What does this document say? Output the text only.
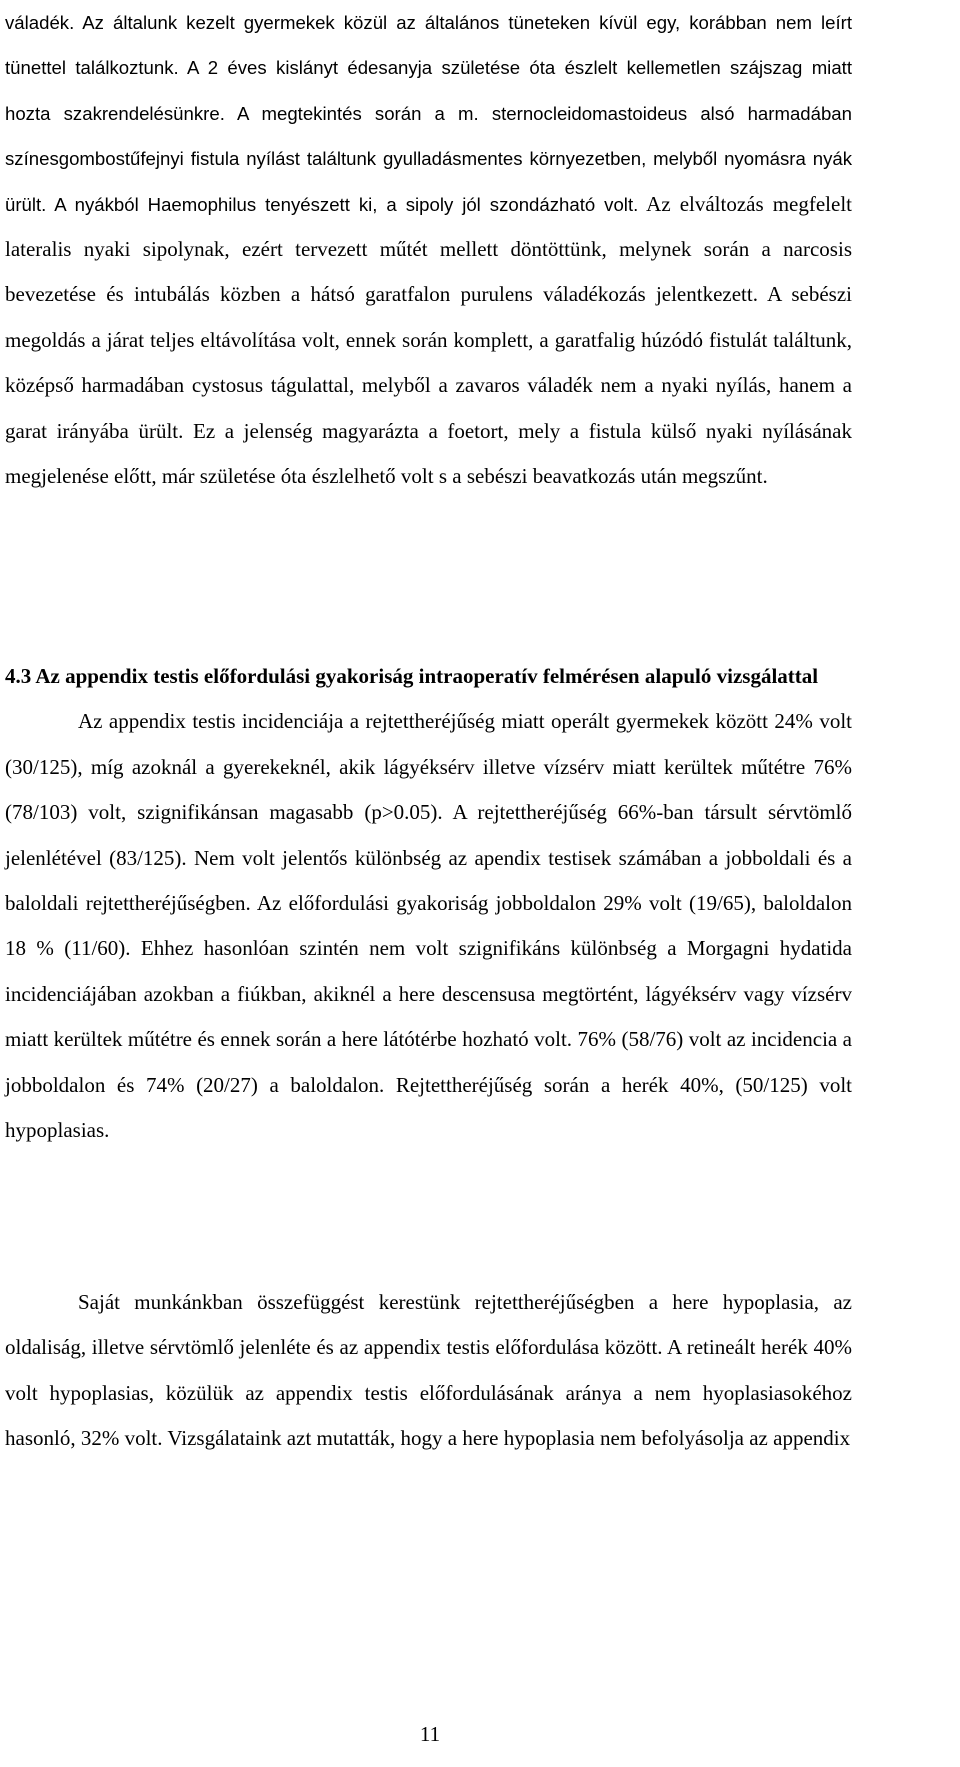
váladék. Az általunk kezelt gyermekek közül az általános tüneteken kívül egy, korábban nem leírt tünettel találkoztunk. A 2 éves kislányt édesanyja születése óta észlelt kellemetlen szájszag miatt hozta szakrendelésünkre. A megtekintés során a m. sternocleidomastoideus alsó harmadában színesgombostűfejnyi fistula nyílást találtunk gyulladásmentes környezetben, melyből nyomásra nyák ürült. A nyákból Haemophilus tenyészett ki, a sipoly jól szondázható volt. Az elváltozás megfelelt lateralis nyaki sipolynak, ezért tervezett műtét mellett döntöttünk, melynek során a narcosis bevezetése és intubálás közben a hátsó garatfalon purulens váladékozás jelentkezett. A sebészi megoldás a járat teljes eltávolítása volt, ennek során komplett, a garatfalig húzódó fistulát találtunk, középső harmadában cystosus tágulattal, melyből a zavaros váladék nem a nyaki nyílás, hanem a garat irányába ürült. Ez a jelenség magyarázta a foetort, mely a fistula külső nyaki nyílásának megjelenése előtt, már születése óta észlelhető volt s a sebészi beavatkozás után megszűnt.

4.3 Az appendix testis előfordulási gyakoriság intraoperatív felmérésen alapuló vizsgálattal

Az appendix testis incidenciája a rejtettheréjűség miatt operált gyermekek között 24% volt (30/125), míg azoknál a gyerekeknél, akik lágyéksérv illetve vízsérv miatt kerültek műtétre 76% (78/103) volt, szignifikánsan magasabb (p>0.05). A rejtettheréjűség 66%-ban társult sérvtömlő jelenlétével (83/125). Nem volt jelentős különbség az apendix testisek számában a jobboldali és a baloldali rejtettheréjűségben. Az előfordulási gyakoriság jobboldalon 29% volt (19/65), baloldalon 18 % (11/60). Ehhez hasonlóan szintén nem volt szignifikáns különbség a Morgagni hydatida incidenciájában azokban a fiúkban, akiknél a here descensusa megtörtént, lágyéksérv vagy vízsérv miatt kerültek műtétre és ennek során a here látótérbe hozható volt. 76% (58/76) volt az incidencia a jobboldalon és 74% (20/27) a baloldalon. Rejtettheréjűség során a herék 40%, (50/125) volt hypoplasias.

Saját munkánkban összefüggést kerestünk rejtettheréjűségben a here hypoplasia, az oldaliság, illetve sérvtömlő jelenléte és az appendix testis előfordulása között. A retineált herék 40% volt hypoplasias, közülük az appendix testis előfordulásának aránya a nem hyoplasiasokéhoz hasonló, 32% volt. Vizsgálataink azt mutatták, hogy a here hypoplasia nem befolyásolja az appendix

11
